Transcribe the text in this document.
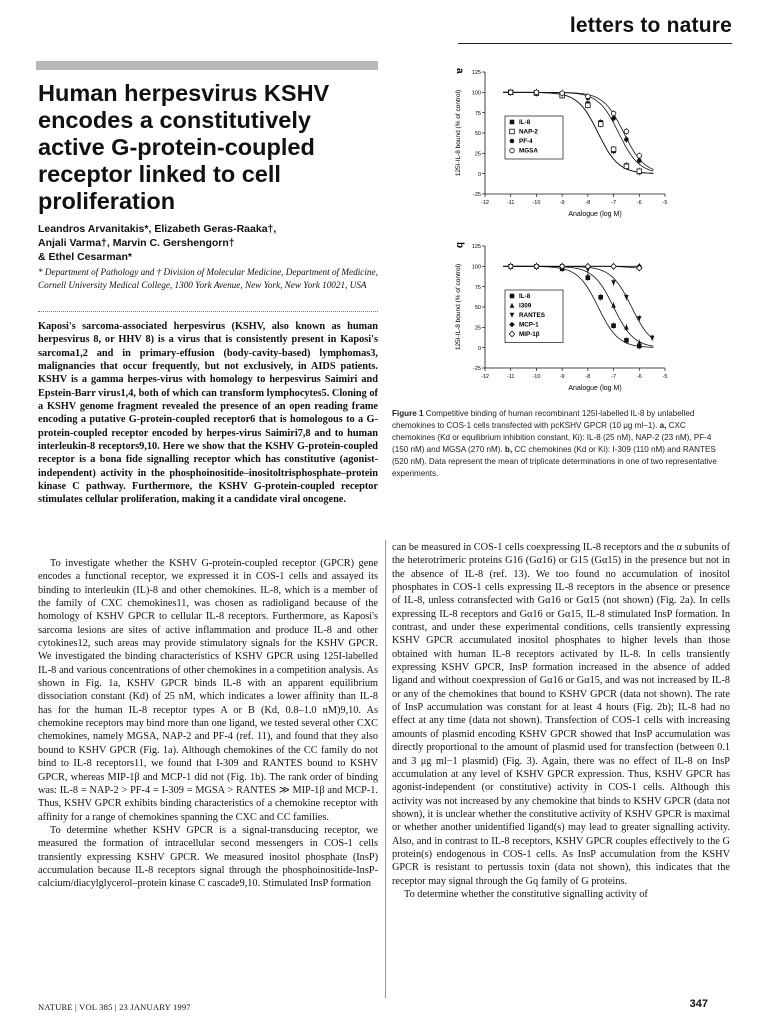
letters to nature
Human herpesvirus KSHV encodes a constitutively active G-protein-coupled receptor linked to cell proliferation
Leandros Arvanitakis*, Elizabeth Geras-Raaka†,
Anjali Varma†, Marvin C. Gershengorn†
& Ethel Cesarman*
* Department of Pathology and † Division of Molecular Medicine, Department of Medicine, Cornell University Medical College, 1300 York Avenue, New York, New York 10021, USA

Kaposi's sarcoma-associated herpesvirus (KSHV, also known as human herpesvirus 8, or HHV 8) is a virus that is consistently present in Kaposi's sarcoma1,2 and in primary-effusion (body-cavity-based) lymphomas3, malignancies that occur frequently, but not exclusively, in AIDS patients. KSHV is a gamma herpes-virus with homology to herpesvirus Saimiri and Epstein-Barr virus1,4, both of which can transform lymphocytes5. Cloning of a KSHV genome fragment revealed the presence of an open reading frame encoding a putative G-protein-coupled receptor6 that is homologous to a G-protein-coupled receptor encoded by herpes-virus Saimiri7,8 and to human interleukin-8 receptors9,10. Here we show that the KSHV G-protein-coupled receptor is a bona fide signalling receptor which has constitutive (agonist-independent) activity in the phosphoinositide–inositoltrisphosphate–protein kinase C pathway. Furthermore, the KSHV G-protein-coupled receptor stimulates cellular proliferation, making it a candidate viral oncogene.

a 125
100
75
50
25
0
-25
-12	-11	-10	-9	-8	-7	-6	-5
Analogue (log M)
125I-IL-8 bound (% of control)	IL-8
NAP-2
PF-4
MGSA
b 125
100
75
50
25
0
-25
-12	-11	-10	-9	-8	-7	-6	-5
Analogue (log M)
125I-IL-8 bound (% of control)	IL-8
I309
RANTES
MCP-1
MIP-1β
Figure 1 Competitive binding of human recombinant 125I-labelled IL-8 by unlabelled chemokines to COS-1 cells transfected with pcKSHV GPCR (10 μg ml−1). a, CXC chemokines (Kd or equilibrium inhibition constant, Ki): IL-8 (25 nM), NAP-2 (23 nM), PF-4 (150 nM) and MGSA (270 nM). b, CC chemokines (Kd or Ki): I-309 (110 nM) and RANTES (520 nM). Data represent the mean of triplicate determinations in one of two representative experiments.

To investigate whether the KSHV G-protein-coupled receptor (GPCR) gene encodes a functional receptor, we expressed it in COS-1 cells and assayed its binding to interleukin (IL)-8 and other chemokines. IL-8, which is a member of the family of CXC chemokines11, was chosen as radioligand because of the homology of KSHV GPCR to cellular IL-8 receptors. Furthermore, as Kaposi's sarcoma lesions are sites of active inflammation and produce IL-8 and other cytokines12, such areas may provide stimulatory signals for the KSHV GPCR. We investigated the binding characteristics of KSHV GPCR using 125I-labelled IL-8 and various concentrations of other chemokines in a competition analysis. As shown in Fig. 1a, KSHV GPCR binds IL-8 with an apparent equilibrium dissociation constant (Kd) of 25 nM, which indicates a lower affinity than IL-8 has for the human IL-8 receptor types A or B (Kd, 0.8–1.0 nM)9,10. As chemokine receptors may bind more than one ligand, we tested several other CXC chemokines, namely MGSA, NAP-2 and PF-4 (ref. 11), and found that they also bound to KSHV GPCR (Fig. 1a). Although chemokines of the CC family do not bind to IL-8 receptors11, we found that I-309 and RANTES bound to KSHV GPCR, whereas MIP-1β and MCP-1 did not (Fig. 1b). The rank order of binding was: IL-8 = NAP-2 > PF-4 = I-309 = MGSA > RANTES ≫ MIP-1β and MCP-1. Thus, KSHV GPCR exhibits binding characteristics of a chemokine receptor with affinity for a range of chemokines spanning the CXC and CC families.

To determine whether KSHV GPCR is a signal-transducing receptor, we measured the formation of intracellular second messengers in COS-1 cells transiently expressing KSHV GPCR. We measured inositol phosphate (InsP) accumulation because IL-8 receptors signal through the phosphoinositide-InsP-calcium/diacylglycerol–protein kinase C cascade9,10. Stimulated InsP formation

can be measured in COS-1 cells coexpressing IL-8 receptors and the α subunits of the heterotrimeric proteins G16 (Gα16) or G15 (Gα15) in the presence but not in the absence of IL-8 (ref. 13). We too found no accumulation of inositol phosphates in COS-1 cells expressing IL-8 receptors in the absence or presence of IL-8, unless cotransfected with Gα16 or Gα15 (not shown) (Fig. 2a). In cells expressing IL-8 receptors and Gα16 or Gα15, IL-8 stimulated InsP formation. In contrast, and under these experimental conditions, cells transiently expressing KSHV GPCR accumulated inositol phosphates to higher levels than those obtained with human IL-8 receptors activated by IL-8. In cells transiently expressing KSHV GPCR, InsP formation increased in the absence of added ligand and without coexpression of Gα16 or Gα15, and was not increased by IL-8 or any of the chemokines that bound to KSHV GPCR (data not shown). The rate of InsP accumulation was constant for at least 4 hours (Fig. 2b); IL-8 had no effect at any time (data not shown). Transfection of COS-1 cells with increasing amounts of plasmid encoding KSHV GPCR showed that InsP accumulation was directly proportional to the amount of plasmid used for transfection (between 0.1 and 3 μg ml−1 plasmid) (Fig. 3). Again, there was no effect of IL-8 on InsP accumulation at any level of KSHV GPCR expression. Thus, KSHV GPCR has agonist-independent (or constitutive) activity in COS-1 cells. Although this activity was not increased by any chemokine that binds to KSHV GPCR (data not shown), it is unclear whether the constitutive activity of KSHV GPCR is maximal or whether another unidentified ligand(s) may lead to greater signalling activity. Also, and in contrast to IL-8 receptors, KSHV GPCR couples effectively to the G protein(s) endogenous in COS-1 cells. As InsP accumulation from the KSHV GPCR is resistant to pertussis toxin (data not shown), this indicates that the receptor may signal through the Gq family of G proteins.

To determine whether the constitutive signalling activity of

NATURE | VOL 385 | 23 JANUARY 1997	347
